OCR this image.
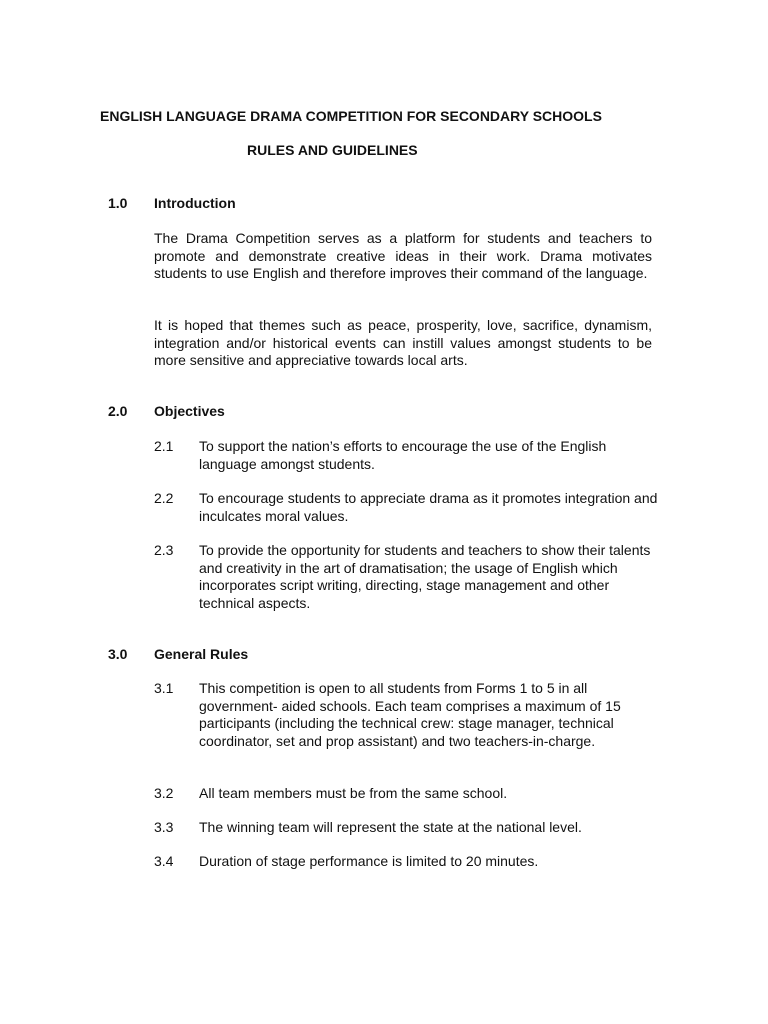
ENGLISH LANGUAGE DRAMA COMPETITION FOR SECONDARY SCHOOLS
RULES AND GUIDELINES
1.0 Introduction
The Drama Competition serves as a platform for students and teachers to promote and demonstrate creative ideas in their work. Drama motivates students to use English and therefore improves their command of the language.
It is hoped that themes such as peace, prosperity, love, sacrifice, dynamism, integration and/or historical events can instill values amongst students to be more sensitive and appreciative towards local arts.
2.0 Objectives
2.1 To support the nation’s efforts to encourage the use of the English language amongst students.
2.2 To encourage students to appreciate drama as it promotes integration and inculcates moral values.
2.3 To provide the opportunity for students and teachers to show their talents and creativity in the art of dramatisation; the usage of English which incorporates script writing, directing, stage management and other technical aspects.
3.0 General Rules
3.1 This competition is open to all students from Forms 1 to 5 in all government- aided schools. Each team comprises a maximum of 15 participants (including the technical crew: stage manager, technical coordinator, set and prop assistant) and two teachers-in-charge.
3.2 All team members must be from the same school.
3.3 The winning team will represent the state at the national level.
3.4 Duration of stage performance is limited to 20 minutes.
